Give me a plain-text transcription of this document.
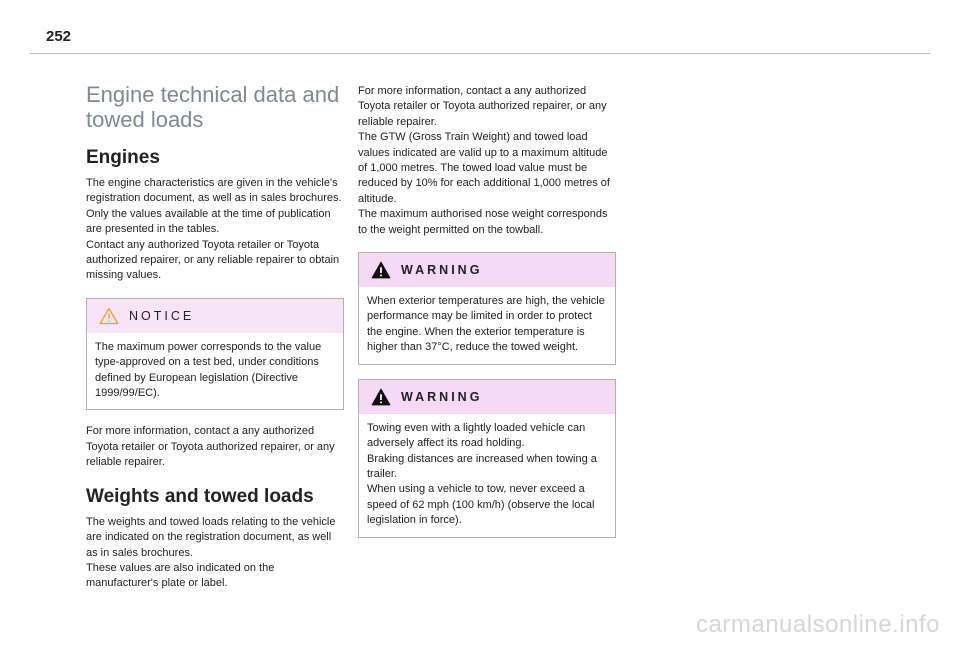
252
Engine technical data and towed loads
Engines

The engine characteristics are given in the vehicle's registration document, as well as in sales brochures.
Only the values available at the time of publication are presented in the tables.
Contact any authorized Toyota retailer or Toyota authorized repairer, or any reliable repairer to obtain missing values.

NOTICE

The maximum power corresponds to the value type-approved on a test bed, under conditions defined by European legislation (Directive 1999/99/EC).

For more information, contact a any authorized Toyota retailer or Toyota authorized repairer, or any reliable repairer.

Weights and towed loads

The weights and towed loads relating to the vehicle are indicated on the registration document, as well as in sales brochures.
These values are also indicated on the manufacturer's plate or label.

For more information, contact a any authorized Toyota retailer or Toyota authorized repairer, or any reliable repairer.
The GTW (Gross Train Weight) and towed load values indicated are valid up to a maximum altitude of 1,000 metres. The towed load value must be reduced by 10% for each additional 1,000 metres of altitude.
The maximum authorised nose weight corresponds to the weight permitted on the towball.

WARNING

When exterior temperatures are high, the vehicle performance may be limited in order to protect the engine. When the exterior temperature is higher than 37°C, reduce the towed weight.

WARNING

Towing even with a lightly loaded vehicle can adversely affect its road holding.
Braking distances are increased when towing a trailer.
When using a vehicle to tow, never exceed a speed of 62 mph (100 km/h) (observe the local legislation in force).

carmanualsonline.info
